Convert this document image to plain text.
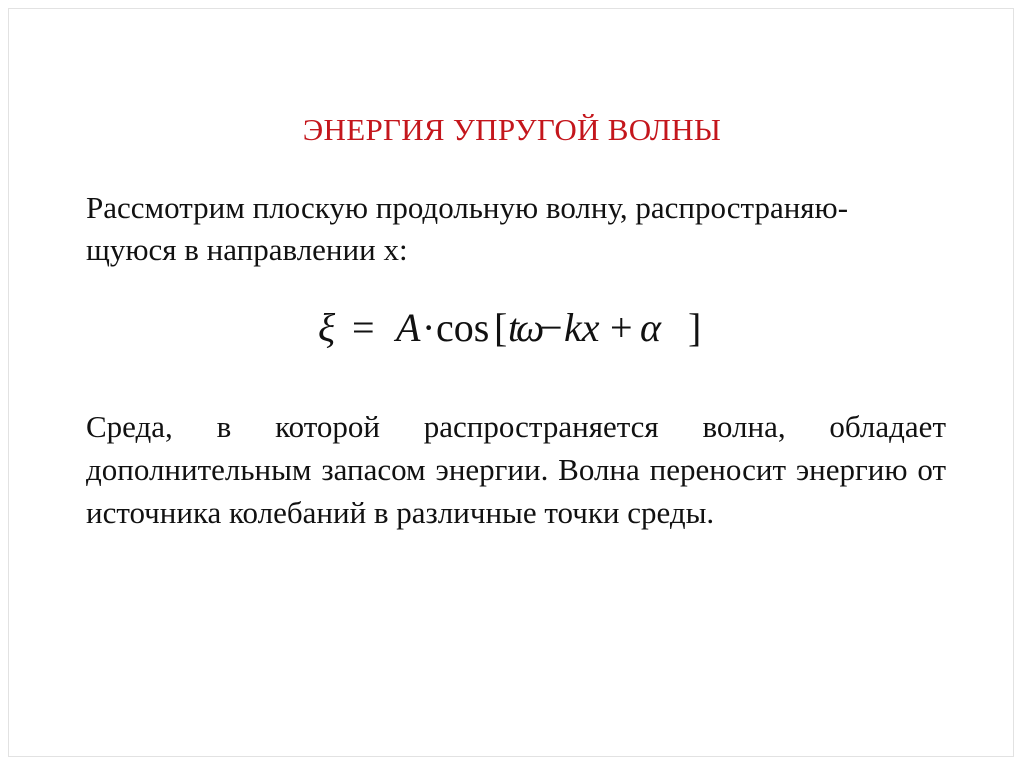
ЭНЕРГИЯ УПРУГОЙ ВОЛНЫ

Рассмотрим плоскую продольную волну, распространяю-

щуюся в направлении х:

ξ = A · cos [ t
ω
− kx + α ]
Среда, в которой распространяется волна, обладает дополнительным запасом энергии. Волна переносит энергию от источника колебаний в различные точки среды.
